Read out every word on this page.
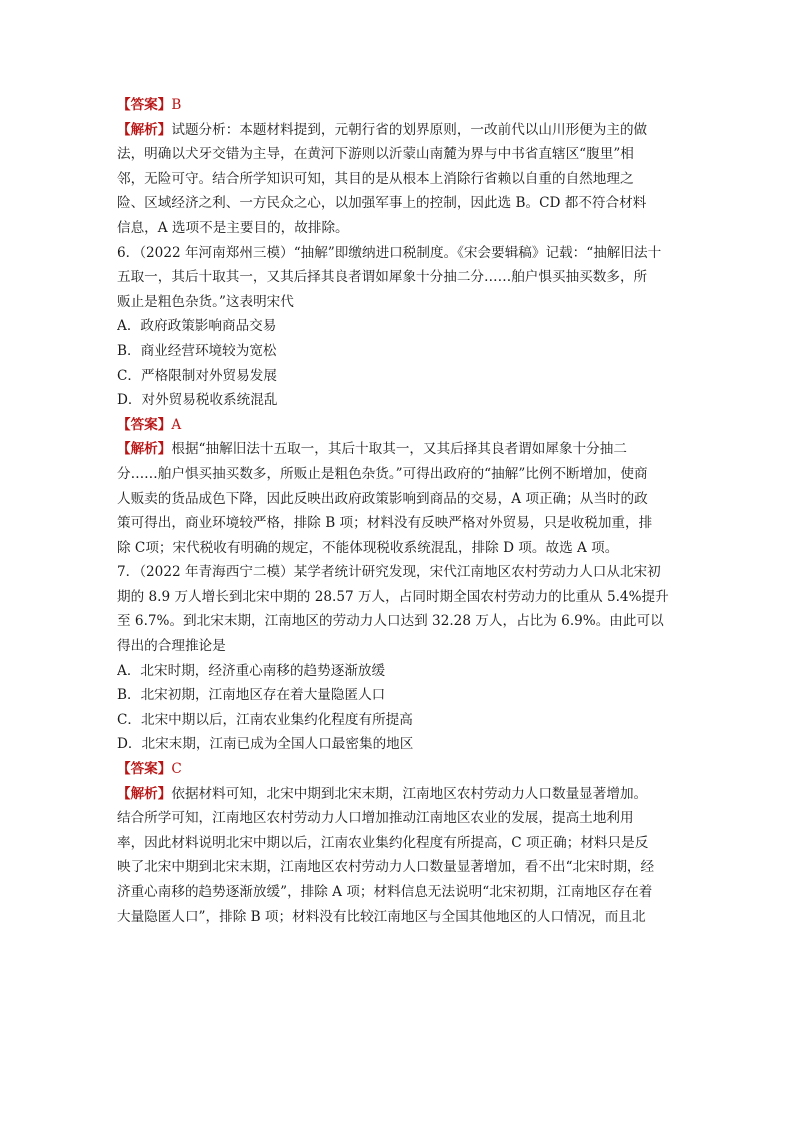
【答案】B
【解析】试题分析：本题材料提到，元朝行省的划界原则，一改前代以山川形便为主的做
法，明确以犬牙交错为主导，在黄河下游则以沂蒙山南麓为界与中书省直辖区“腹里”相
邻，无险可守。结合所学知识可知，其目的是从根本上消除行省赖以自重的自然地理之
险、区域经济之利、一方民众之心，以加强军事上的控制，因此选 B。CD 都不符合材料
信息，A 选项不是主要目的，故排除。
6．（2022 年河南郑州三模）“抽解”即缴纳进口税制度。《宋会要辑稿》记载：“抽解旧法十
五取一，其后十取其一，又其后择其良者谓如犀象十分抽二分……舶户惧买抽买数多，所
贩止是粗色杂货。”这表明宋代
A．政府政策影响商品交易
B．商业经营环境较为宽松
C．严格限制对外贸易发展
D．对外贸易税收系统混乱
【答案】A
【解析】根据“抽解旧法十五取一，其后十取其一，又其后择其良者谓如犀象十分抽二
分……舶户惧买抽买数多，所贩止是粗色杂货。”可得出政府的“抽解”比例不断增加，使商
人贩卖的货品成色下降，因此反映出政府政策影响到商品的交易，A 项正确；从当时的政
策可得出，商业环境较严格，排除 B 项；材料没有反映严格对外贸易，只是收税加重，排
除 C项；宋代税收有明确的规定，不能体现税收系统混乱，排除 D 项。故选 A 项。
7．（2022 年青海西宁二模）某学者统计研究发现，宋代江南地区农村劳动力人口从北宋初
期的 8.9 万人增长到北宋中期的 28.57 万人，占同时期全国农村劳动力的比重从 5.4%提升
至 6.7%。到北宋末期，江南地区的劳动力人口达到 32.28 万人，占比为 6.9%。由此可以
得出的合理推论是
A．北宋时期，经济重心南移的趋势逐渐放缓
B．北宋初期，江南地区存在着大量隐匿人口
C．北宋中期以后，江南农业集约化程度有所提高
D．北宋末期，江南已成为全国人口最密集的地区
【答案】C
【解析】依据材料可知，北宋中期到北宋末期，江南地区农村劳动力人口数量显著增加。
结合所学可知，江南地区农村劳动力人口增加推动江南地区农业的发展，提高土地利用
率，因此材料说明北宋中期以后，江南农业集约化程度有所提高，C 项正确；材料只是反
映了北宋中期到北宋末期，江南地区农村劳动力人口数量显著增加，看不出“北宋时期，经
济重心南移的趋势逐渐放缓”，排除 A 项；材料信息无法说明“北宋初期，江南地区存在着
大量隐匿人口”，排除 B 项；材料没有比较江南地区与全国其他地区的人口情况，而且北
